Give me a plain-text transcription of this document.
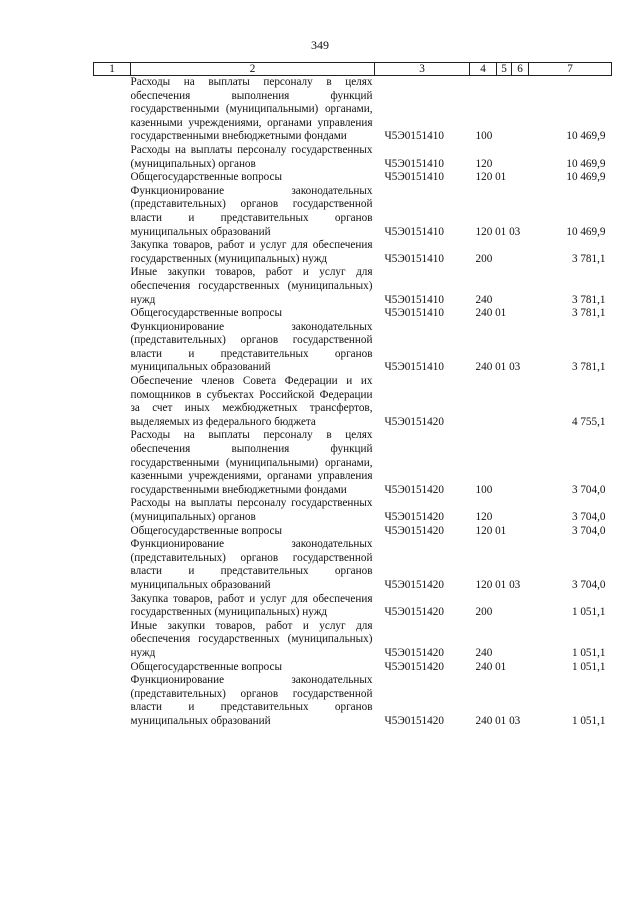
349
1	2	3	4	5	6	7
	Расходы на выплаты персоналу в целях обеспечения выполнения функций государственными (муниципальными) органами, казенными учреждениями, органами управления государственными внебюджетными фондами	Ч5Э0151410	100			10 469,9
	Расходы на выплаты персоналу государственных (муниципальных) органов	Ч5Э0151410	120			10 469,9
	Общегосударственные вопросы	Ч5Э0151410	120 01			10 469,9
	Функционирование законодательных (представительных) органов государственной власти и представительных органов муниципальных образований	Ч5Э0151410	120 01 03			10 469,9
	Закупка товаров, работ и услуг для обеспечения государственных (муниципальных) нужд	Ч5Э0151410	200			3 781,1
	Иные закупки товаров, работ и услуг для обеспечения государственных (муниципальных) нужд	Ч5Э0151410	240			3 781,1
	Общегосударственные вопросы	Ч5Э0151410	240 01			3 781,1
	Функционирование законодательных (представительных) органов государственной власти и представительных органов муниципальных образований	Ч5Э0151410	240 01 03			3 781,1
	Обеспечение членов Совета Федерации и их помощников в субъектах Российской Федерации за счет иных межбюджетных трансфертов, выделяемых из федерального бюджета	Ч5Э0151420				4 755,1
	Расходы на выплаты персоналу в целях обеспечения выполнения функций государственными (муниципальными) органами, казенными учреждениями, органами управления государственными внебюджетными фондами	Ч5Э0151420	100			3 704,0
	Расходы на выплаты персоналу государственных (муниципальных) органов	Ч5Э0151420	120			3 704,0
	Общегосударственные вопросы	Ч5Э0151420	120 01			3 704,0
	Функционирование законодательных (представительных) органов государственной власти и представительных органов муниципальных образований	Ч5Э0151420	120 01 03			3 704,0
	Закупка товаров, работ и услуг для обеспечения государственных (муниципальных) нужд	Ч5Э0151420	200			1 051,1
	Иные закупки товаров, работ и услуг для обеспечения государственных (муниципальных) нужд	Ч5Э0151420	240			1 051,1
	Общегосударственные вопросы	Ч5Э0151420	240 01			1 051,1
	Функционирование законодательных (представительных) органов государственной власти и представительных органов муниципальных образований	Ч5Э0151420	240 01 03			1 051,1
